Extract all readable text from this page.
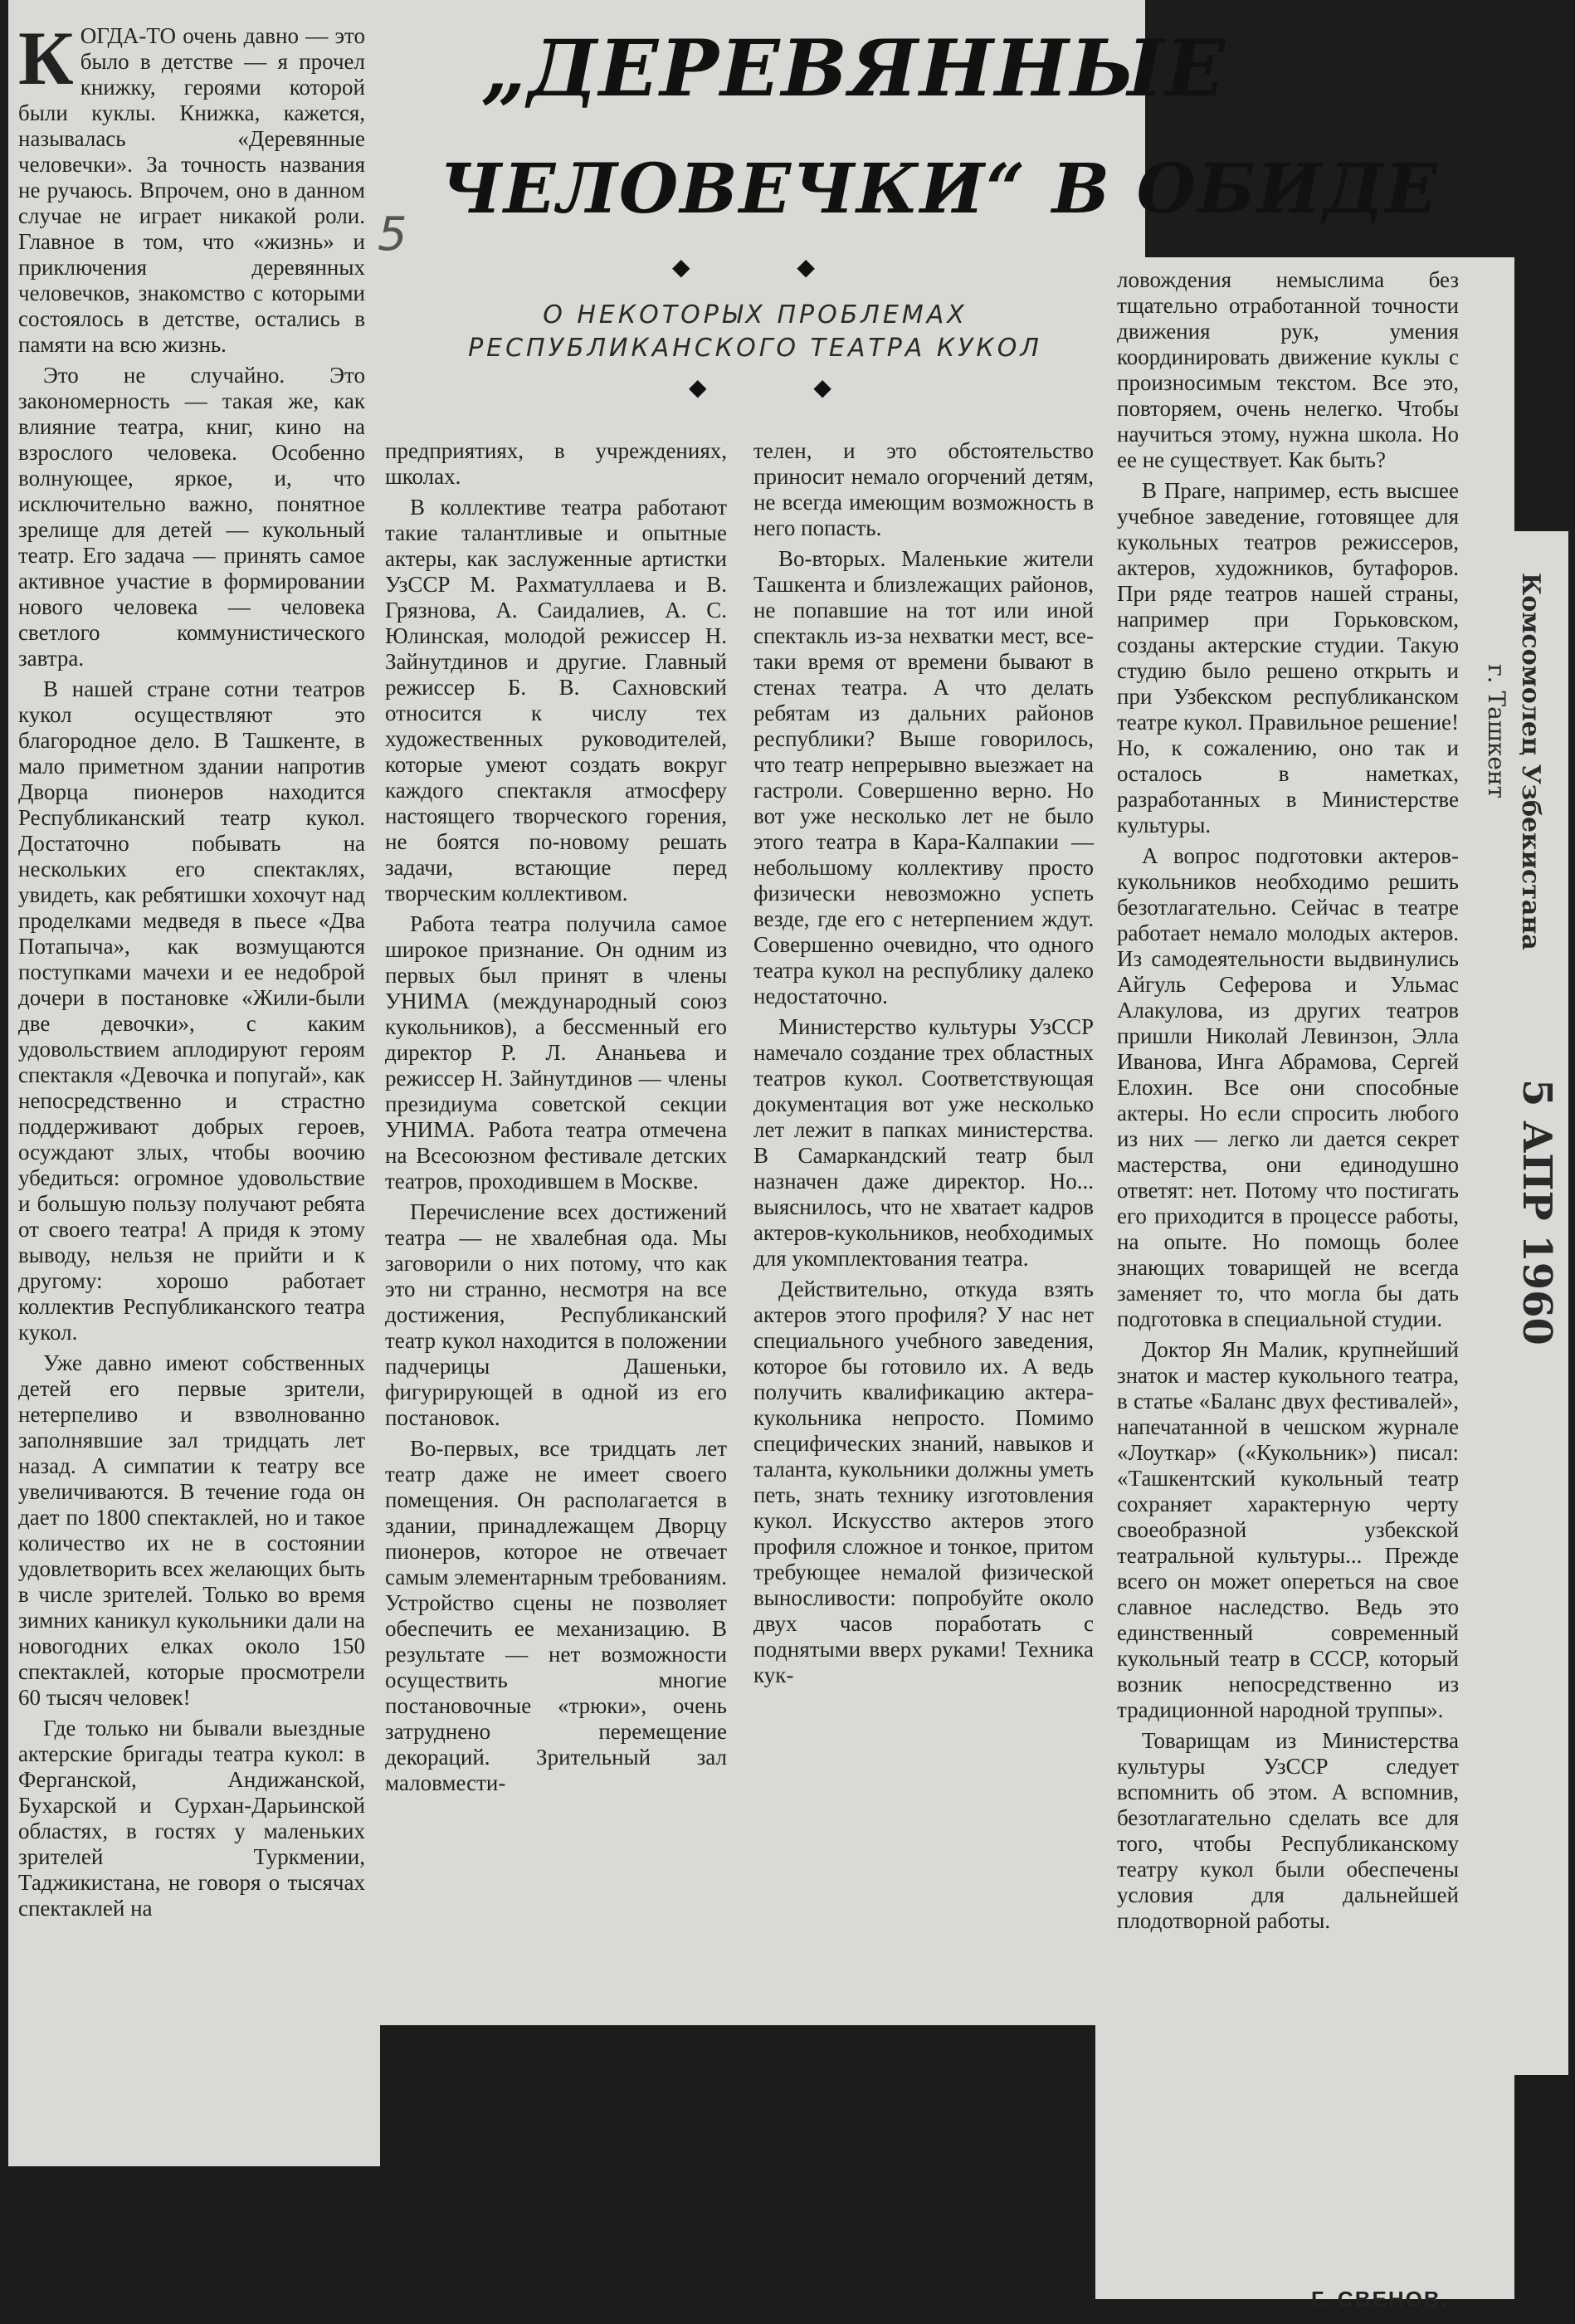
„ДЕРЕВЯННЫЕ
5
ЧЕЛОВЕЧКИ“ В ОБИДЕ
◆ ◆
О НЕКОТОРЫХ ПРОБЛЕМАХ
РЕСПУБЛИКАНСКОГО ТЕАТРА КУКОЛ
◆ ◆
К ОГДА-ТО очень давно — это было в детстве — я прочел книжку, героями которой были куклы. Книжка, кажется, называлась «Деревянные человечки». За точность названия не ручаюсь. Впрочем, оно в данном случае не играет никакой роли. Главное в том, что «жизнь» и приключения деревянных человечков, знакомство с которыми состоялось в детстве, остались в памяти на всю жизнь.

Это не случайно. Это закономерность — такая же, как влияние театра, книг, кино на взрослого человека. Особенно волнующее, яркое, и, что исключительно важно, понятное зрелище для детей — кукольный театр. Его задача — принять самое активное участие в формировании нового человека — человека светлого коммунистического завтра.

В нашей стране сотни театров кукол осуществляют это благородное дело. В Ташкенте, в мало приметном здании напротив Дворца пионеров находится Республиканский театр кукол. Достаточно побывать на нескольких его спектаклях, увидеть, как ребятишки хохочут над проделками медведя в пьесе «Два Потапыча», как возмущаются поступками мачехи и ее недоброй дочери в постановке «Жили-были две девочки», с каким удовольствием аплодируют героям спектакля «Девочка и попугай», как непосредственно и страстно поддерживают добрых героев, осуждают злых, чтобы воочию убедиться: огромное удовольствие и большую пользу получают ребята от своего театра! А придя к этому выводу, нельзя не прийти и к другому: хорошо работает коллектив Республиканского театра кукол.

Уже давно имеют собственных детей его первые зрители, нетерпеливо и взволнованно заполнявшие зал тридцать лет назад. А симпатии к театру все увеличиваются. В течение года он дает по 1800 спектаклей, но и такое количество их не в состоянии удовлетворить всех желающих быть в числе зрителей. Только во время зимних каникул кукольники дали на новогодних елках около 150 спектаклей, которые просмотрели 60 тысяч человек!

Где только ни бывали выездные актерские бригады театра кукол: в Ферганской, Андижанской, Бухарской и Сурхан-Дарьинской областях, в гостях у маленьких зрителей Туркмении, Таджикистана, не говоря о тысячах спектаклей на

предприятиях, в учреждениях, школах.

В коллективе театра работают такие талантливые и опытные актеры, как заслуженные артистки УзССР М. Рахматуллаева и В. Грязнова, А. Саидалиев, А. С. Юлинская, молодой режиссер Н. Зайнутдинов и другие. Главный режиссер Б. В. Сахновский относится к числу тех художественных руководителей, которые умеют создать вокруг каждого спектакля атмосферу настоящего творческого горения, не боятся по-новому решать задачи, встающие перед творческим коллективом.

Работа театра получила самое широкое признание. Он одним из первых был принят в члены УНИМА (международный союз кукольников), а бессменный его директор Р. Л. Ананьева и режиссер Н. Зайнутдинов — члены президиума советской секции УНИМА. Работа театра отмечена на Всесоюзном фестивале детских театров, проходившем в Москве.

Перечисление всех достижений театра — не хвалебная ода. Мы заговорили о них потому, что как это ни странно, несмотря на все достижения, Республиканский театр кукол находится в положении падчерицы Дашеньки, фигурирующей в одной из его постановок.

Во-первых, все тридцать лет театр даже не имеет своего помещения. Он располагается в здании, принадлежащем Дворцу пионеров, которое не отвечает самым элементарным требованиям. Устройство сцены не позволяет обеспечить ее механизацию. В результате — нет возможности осуществить многие постановочные «трюки», очень затруднено перемещение декораций. Зрительный зал маловмести-

телен, и это обстоятельство приносит немало огорчений детям, не всегда имеющим возможность в него попасть.

Во-вторых. Маленькие жители Ташкента и близлежащих районов, не попавшие на тот или иной спектакль из-за нехватки мест, все-таки время от времени бывают в стенах театра. А что делать ребятам из дальних районов республики? Выше говорилось, что театр непрерывно выезжает на гастроли. Совершенно верно. Но вот уже несколько лет не было этого театра в Кара-Калпакии — небольшому коллективу просто физически невозможно успеть везде, где его с нетерпением ждут. Совершенно очевидно, что одного театра кукол на республику далеко недостаточно.

Министерство культуры УзССР намечало создание трех областных театров кукол. Соответствующая документация вот уже несколько лет лежит в папках министерства. В Самаркандский театр был назначен даже директор. Но... выяснилось, что не хватает кадров актеров-кукольников, необходимых для укомплектования театра.

Действительно, откуда взять актеров этого профиля? У нас нет специального учебного заведения, которое бы готовило их. А ведь получить квалификацию актера-кукольника непросто. Помимо специфических знаний, навыков и таланта, кукольники должны уметь петь, знать технику изготовления кукол. Искусство актеров этого профиля сложное и тонкое, притом требующее немалой физической выносливости: попробуйте около двух часов поработать с поднятыми вверх руками! Техника кук-

ловождения немыслима без тщательно отработанной точности движения рук, умения координировать движение куклы с произносимым текстом. Все это, повторяем, очень нелегко. Чтобы научиться этому, нужна школа. Но ее не существует. Как быть?

В Праге, например, есть высшее учебное заведение, готовящее для кукольных театров режиссеров, актеров, художников, бутафоров. При ряде театров нашей страны, например при Горьковском, созданы актерские студии. Такую студию было решено открыть и при Узбекском республиканском театре кукол. Правильное решение! Но, к сожалению, оно так и осталось в наметках, разработанных в Министерстве культуры.

А вопрос подготовки актеров-кукольников необходимо решить безотлагательно. Сейчас в театре работает немало молодых актеров. Из самодеятельности выдвинулись Айгуль Сеферова и Ульмас Алакулова, из других театров пришли Николай Левинзон, Элла Иванова, Инга Абрамова, Сергей Елохин. Все они способные актеры. Но если спросить любого из них — легко ли дается секрет мастерства, они единодушно ответят: нет. Потому что постигать его приходится в процессе работы, на опыте. Но помощь более знающих товарищей не всегда заменяет то, что могла бы дать подготовка в специальной студии.

Доктор Ян Малик, крупнейший знаток и мастер кукольного театра, в статье «Баланс двух фестивалей», напечатанной в чешском журнале «Лоуткар» («Кукольник») писал: «Ташкентский кукольный театр сохраняет характерную черту своеобразной узбекской театральной культуры... Прежде всего он может опереться на свое славное наследство. Ведь это единственный современный кукольный театр в СССР, который возник непосредственно из традиционной народной труппы».

Товарищам из Министерства культуры УзССР следует вспомнить об этом. А вспомнив, безотлагательно сделать все для того, чтобы Республиканскому театру кукол были обеспечены условия для дальнейшей плодотворной работы.

Г. СВЕНОВ.
Комсомолец Узбекистана
г. Ташкент
5 АПР 1960
